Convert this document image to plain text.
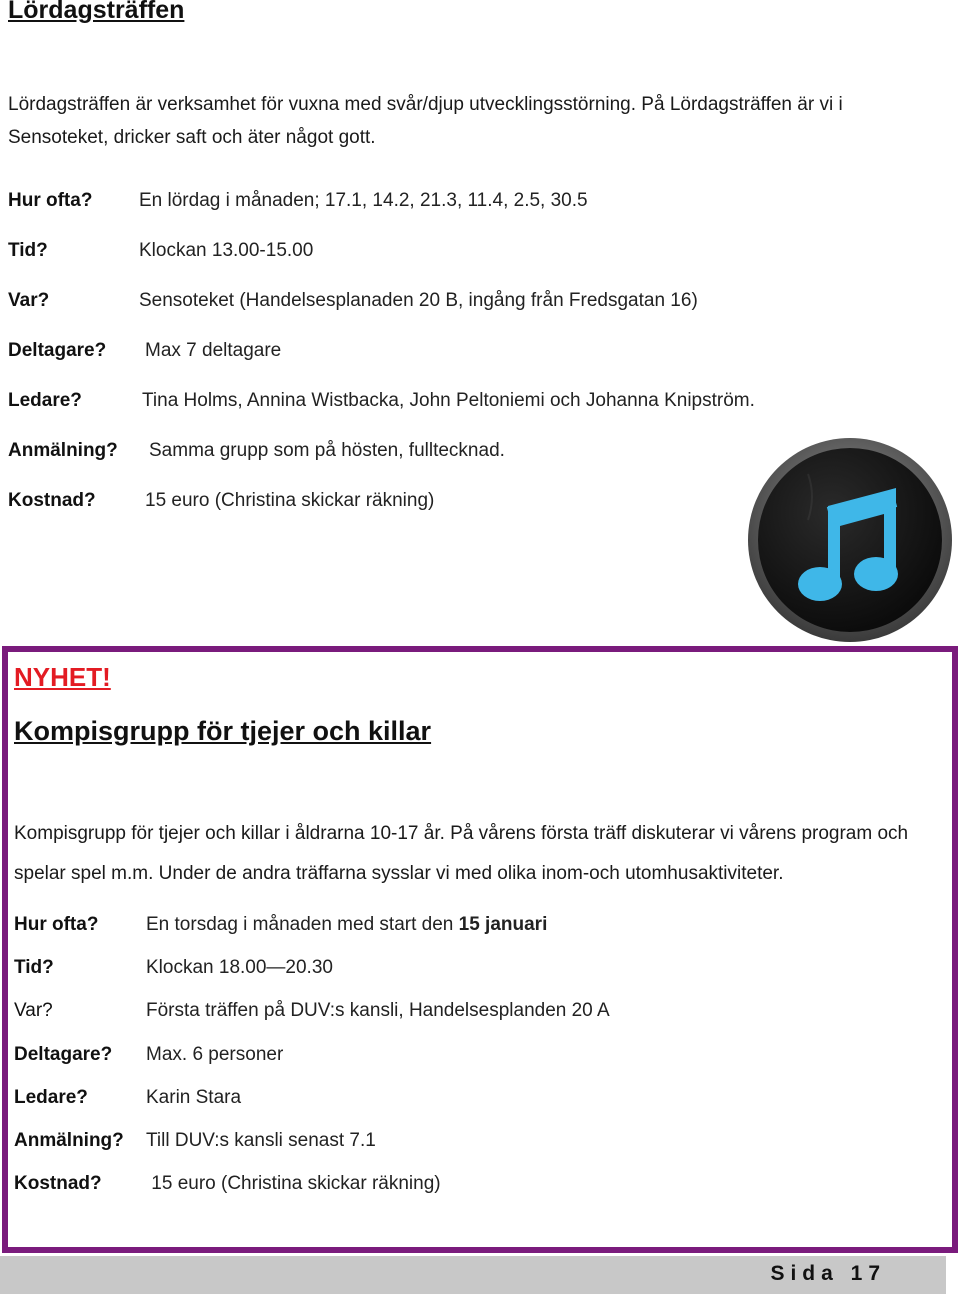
Lördagsträffen

Lördagsträffen är verksamhet för vuxna med svår/djup utvecklingsstörning. På Lördagsträffen är vi i Sensoteket, dricker saft och äter något gott.

Hur ofta? En lördag i månaden; 17.1, 14.2, 21.3, 11.4, 2.5, 30.5
Tid?	Klockan 13.00-15.00
Var?	Sensoteket (Handelsesplanaden 20 B, ingång från Fredsgatan 16)
Deltagare? Max 7 deltagare
Ledare?	Tina Holms, Annina Wistbacka, John Peltoniemi och Johanna Knipström.
Anmälning? Samma grupp som på hösten, fulltecknad.
Kostnad?	15 euro (Christina skickar räkning)
NYHET!
Kompisgrupp för tjejer och killar

Kompisgrupp för tjejer och killar i åldrarna 10-17 år. På vårens första träff diskuterar vi vårens program och spelar spel m.m. Under de andra träffarna sysslar vi med olika inom-och utomhusaktiviteter.

Hur ofta?	En torsdag i månaden med start den 15 januari
Tid?	Klockan 18.00—20.30
Var?	Första träffen på DUV:s kansli, Handelsesplanden 20 A
Deltagare? Max. 6 personer
Ledare?	Karin Stara
Anmälning? Till DUV:s kansli senast 7.1
Kostnad? 15 euro (Christina skickar räkning)
Sida 17
